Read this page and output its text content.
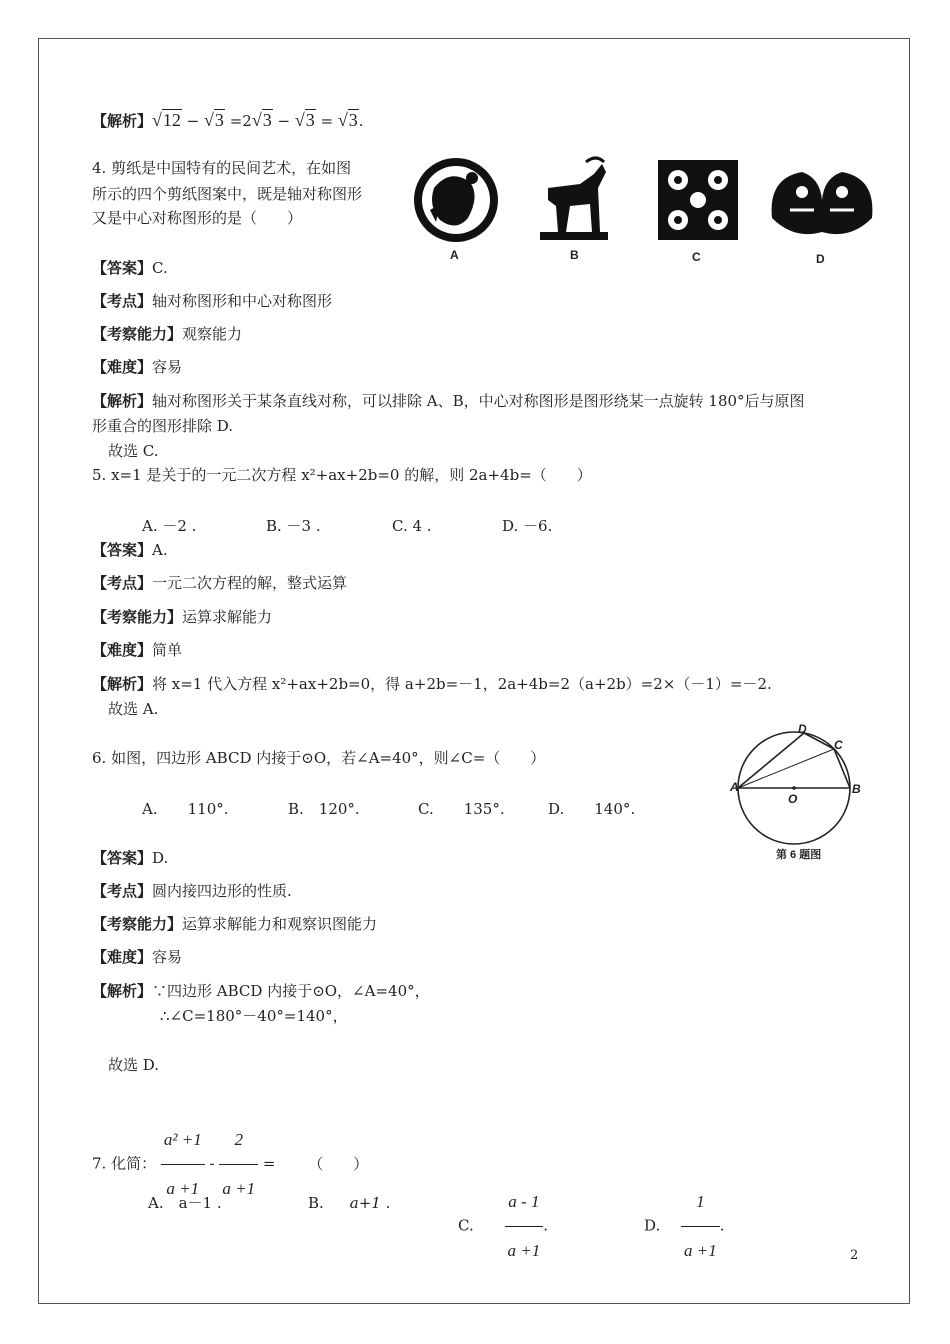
【解析】√12 − √3 =2√3 − √3 = √3.
4. 剪纸是中国特有的民间艺术，在如图
所示的四个剪纸图案中，既是轴对称图形
又是中心对称图形的是（　　）
A	B	C	D
【答案】C.
【考点】轴对称图形和中心对称图形
【考察能力】观察能力
【难度】容易
【解析】轴对称图形关于某条直线对称，可以排除 A、B，中心对称图形是图形绕某一点旋转 180°后与原图
形重合的图形排除 D.
故选 C.
5. x=1 是关于的一元二次方程 x²+ax+2b=0 的解，则 2a+4b=（　　）
A. －2 .	B. －3 .	C. 4 .	D. －6.
【答案】A.
【考点】一元二次方程的解，整式运算
【考察能力】运算求解能力
【难度】简单
【解析】将 x=1 代入方程 x²+ax+2b=0，得 a+2b=－1，2a+4b=2（a+2b）=2×（－1）=－2.
故选 A.
6. 如图，四边形 ABCD 内接于⊙O，若∠A=40°，则∠C=（　　）
A.　　110°.	B.　120°.	C.　　135°.	D.　　140°.
A	B
C
D
O
第 6 题图
【答案】D.
【考点】圆内接四边形的性质.
【考察能力】运算求解能力和观察识图能力
【难度】容易
【解析】∵四边形 ABCD 内接于⊙O，∠A=40°，
∴∠C=180°－40°=140°，
故选 D.
7. 化简： $\frac{\text{a² +1}}{a +1} - \frac{2}{a +1}$ = （　　）
A.　a－1 .	B. a+1 .
C. $\frac{a - 1}{a +1}$ .	D. $\frac{1}{a +1}$ .
2
